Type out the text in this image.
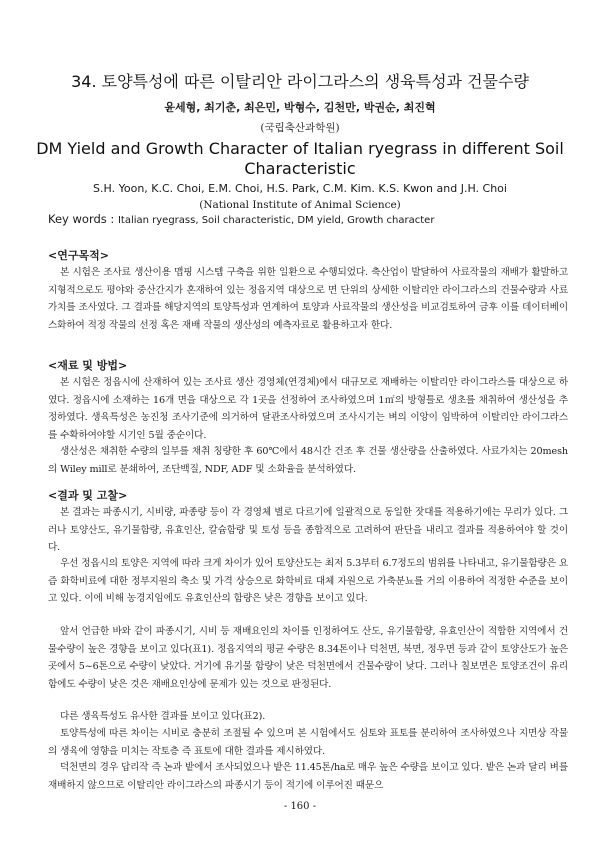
34. 토양특성에 따른 이탈리안 라이그라스의 생육특성과 건물수량
윤세형, 최기춘, 최은민, 박형수, 김천만, 박권순, 최진혁
(국립축산과학원)
DM Yield and Growth Character of Italian ryegrass in different Soil Characteristic
S.H. Yoon, K.C. Choi, E.M. Choi, H.S. Park, C.M. Kim. K.S. Kwon and J.H. Choi
(National Institute of Animal Science)
Key words : Italian ryegrass, Soil characteristic, DM yield, Growth character
<연구목적>

본 시험은 조사료 생산이용 맵핑 시스템 구축을 위한 일환으로 수행되었다. 축산업이 발달하여 사료작물의 재배가 활발하고 지형적으로도 평야와 중산간지가 혼재하여 있는 정읍지역 대상으로 면 단위의 상세한 이탈리안 라이그라스의 건물수량과 사료가치를 조사였다. 그 결과를 해당지역의 토양특성과 연계하여 토양과 사료작물의 생산성을 비교검토하여 금후 이를 데이터베이스화하여 적정 작물의 선정 혹은 재배 작물의 생산성의 예측자료로 활용하고자 한다.

<재료 및 방법>

본 시험은 정읍시에 산재하여 있는 조사료 생산 경영체(연경체)에서 대규모로 재배하는 이탈리안 라이그라스를 대상으로 하였다. 정읍시에 소재하는 16개 면을 대상으로 각 1곳을 선정하여 조사하였으며 1㎡의 방형틀로 생초를 채취하여 생산성을 추정하였다. 생육특성은 농진청 조사기준에 의거하여 달관조사하였으며 조사시기는 벼의 이앙이 임박하여 이탈리안 라이그라스를 수확하여야할 시기인 5월 중순이다.

생산성은 채취한 수량의 일부를 채취 칭량한 후 60℃에서 48시간 건조 후 건물 생산량을 산출하였다. 사료가치는 20mesh의 Wiley mill로 분쇄하여, 조단백질, NDF, ADF 및 소화율을 분석하였다.

<결과 및 고찰>

본 결과는 파종시기, 시비량, 파종량 등이 각 경영체 별로 다르기에 일괄적으로 동일한 잣대를 적용하기에는 무리가 있다. 그러나 토양산도, 유기물함량, 유효인산, 칼슘함량 및 토성 등을 종합적으로 고려하여 판단을 내리고 결과를 적용하여야 할 것이다.

우선 정읍시의 토양은 지역에 따라 크게 차이가 있어 토양산도는 최저 5.3부터 6.7정도의 범위를 나타내고, 유기물함량은 요즘 화학비료에 대한 정부지원의 축소 및 가격 상승으로 화학비료 대체 자원으로 가축분뇨를 거의 이용하여 적정한 수준을 보이고 있다. 이에 비해 농경지임에도 유효인산의 함량은 낮은 경향을 보이고 있다.

앞서 언급한 바와 같이 파종시기, 시비 등 재배요인의 차이를 인정하여도 산도, 유기물함량, 유효인산이 적합한 지역에서 건물수량이 높은 경향을 보이고 있다(표1). 정읍지역의 평균 수량은 8.34톤이나 덕천면, 북면, 정우면 등과 같이 토양산도가 높은 곳에서 5~6톤으로 수량이 낮았다. 거기에 유기물 함량이 낮은 덕천면에서 건물수량이 낮다. 그러나 칠보면은 토양조건이 유리함에도 수량이 낮은 것은 재배요인상에 문제가 있는 것으로 판정된다.

다른 생육특성도 유사한 결과를 보이고 있다(표2).

토양특성에 따른 차이는 시비로 충분히 조절될 수 있으며 본 시험에서도 심토와 표토를 분리하여 조사하였으나 지면상 작물의 생육에 영향을 미치는 작토층 즉 표토에 대한 결과를 제시하였다.

덕천면의 경우 답리작 즉 논과 밭에서 조사되었으나 밭은 11.45톤/ha로 매우 높은 수량을 보이고 있다. 밭은 논과 달리 벼를 재배하지 않으므로 이탈리안 라이그라스의 파종시기 등이 적기에 이루어진 때문으

- 160 -
